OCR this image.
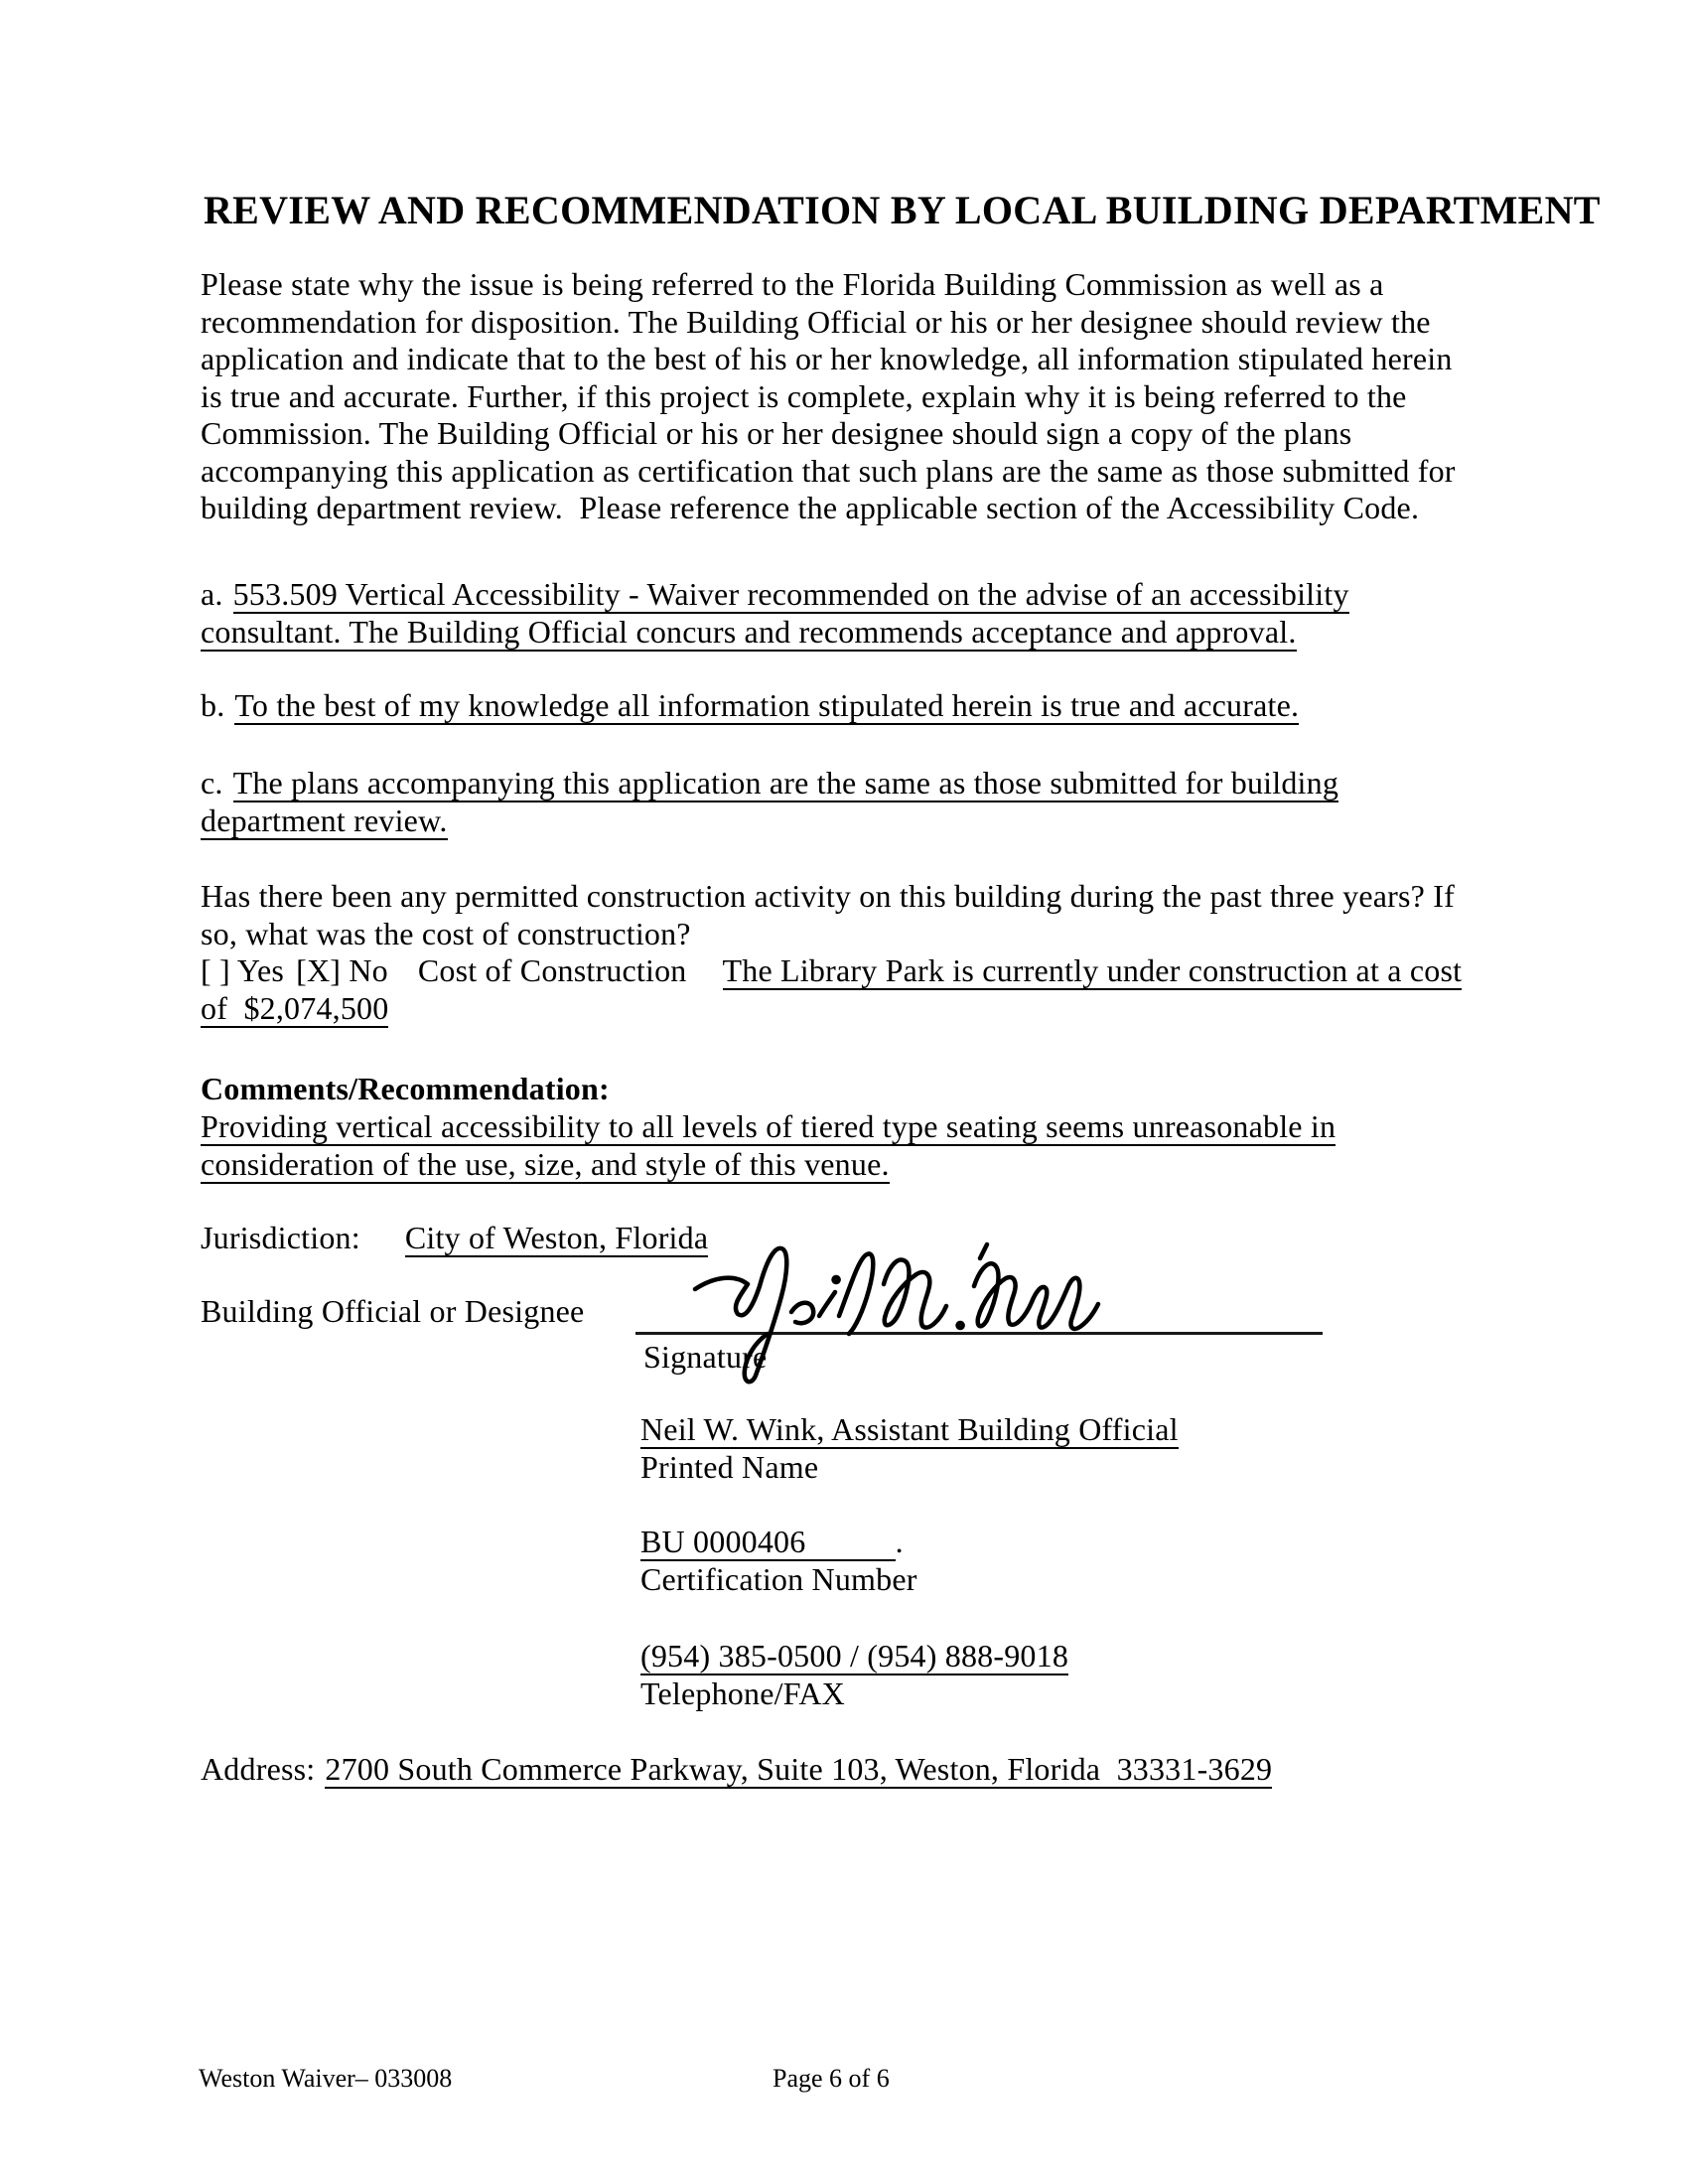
REVIEW AND RECOMMENDATION BY LOCAL BUILDING DEPARTMENT
Please state why the issue is being referred to the Florida Building Commission as well as a
recommendation for disposition. The Building Official or his or her designee should review the
application and indicate that to the best of his or her knowledge, all information stipulated herein
is true and accurate. Further, if this project is complete, explain why it is being referred to the
Commission. The Building Official or his or her designee should sign a copy of the plans
accompanying this application as certification that such plans are the same as those submitted for
building department review.  Please reference the applicable section of the Accessibility Code.
a. 553.509 Vertical Accessibility - Waiver recommended on the advise of an accessibility
consultant. The Building Official concurs and recommends acceptance and approval.
b. To the best of my knowledge all information stipulated herein is true and accurate.
c. The plans accompanying this application are the same as those submitted for building
department review.
Has there been any permitted construction activity on this building during the past three years? If
so, what was the cost of construction?
[ ] Yes [X] No Cost of Construction The Library Park is currently under construction at a cost
of  $2,074,500
Comments/Recommendation:
Providing vertical accessibility to all levels of tiered type seating seems unreasonable in
consideration of the use, size, and style of this venue.
Jurisdiction: City of Weston, Florida
Building Official or Designee
Signature
Neil W. Wink, Assistant Building Official
Printed Name
BU 0000406           .
Certification Number
(954) 385-0500 / (954) 888-9018
Telephone/FAX
Address: 2700 South Commerce Parkway, Suite 103, Weston, Florida  33331-3629
Weston Waiver– 033008	Page 6 of 6
